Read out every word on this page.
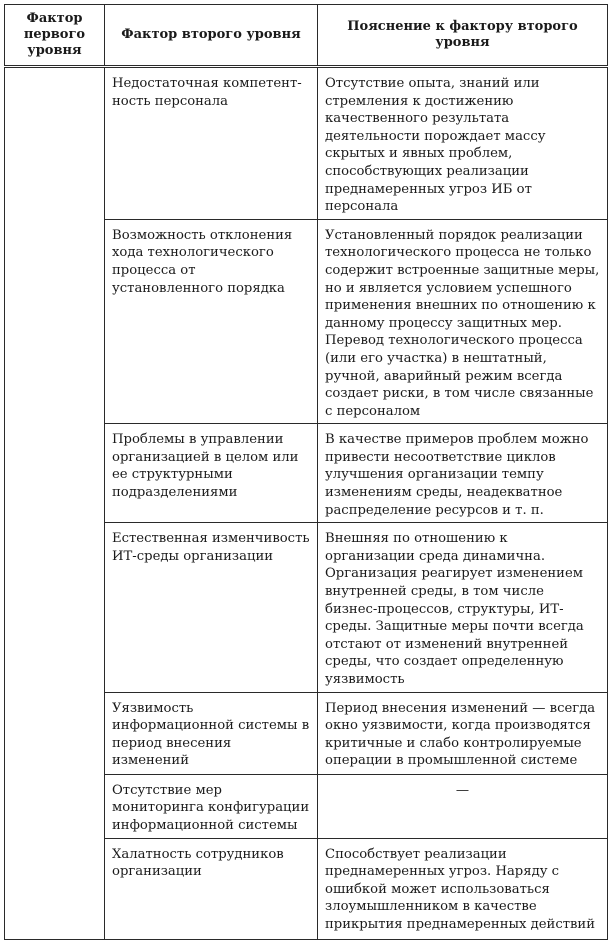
Фактор первого уровня	Фактор второго уровня	Пояснение к фактору второго уровня

	Недостаточная компетентность персонала	Отсутствие опыта, знаний или стремления к достижению качественного результата деятельности порождает массу скрытых и явных проблем, способствующих реализации преднамеренных угроз ИБ от персонала

	Возможность отклонения хода технологического процесса от установленного порядка	Установленный порядок реализации технологического процесса не только содержит встроенные защитные меры, но и является условием успешного применения внешних по отношению к данному процессу защитных мер. Перевод технологического процесса (или его участка) в нештатный, ручной, аварийный режим всегда создает риски, в том числе связанные с персоналом

	Проблемы в управлении организацией в целом или ее структурными подразделениями	В качестве примеров проблем можно привести несоответствие циклов улучшения организации темпу изменениям среды, неадекватное распределение ресурсов и т. п.

	Естественная изменчивость ИТ-среды организации	Внешняя по отношению к организации среда динамична. Организация реагирует изменением внутренней среды, в том числе бизнес-процессов, структуры, ИТ-среды. Защитные меры почти всегда отстают от изменений внутренней среды, что создает определенную уязвимость

	Уязвимость информационной системы в период внесения изменений	Период внесения изменений — всегда окно уязвимости, когда производятся критичные и слабо контролируемые операции в промышленной системе

	Отсутствие мер мониторинга конфигурации информационной системы	—

	Халатность сотрудников организации	Способствует реализации преднамеренных угроз. Наряду с ошибкой может использоваться злоумышленником в качестве прикрытия преднамеренных действий
